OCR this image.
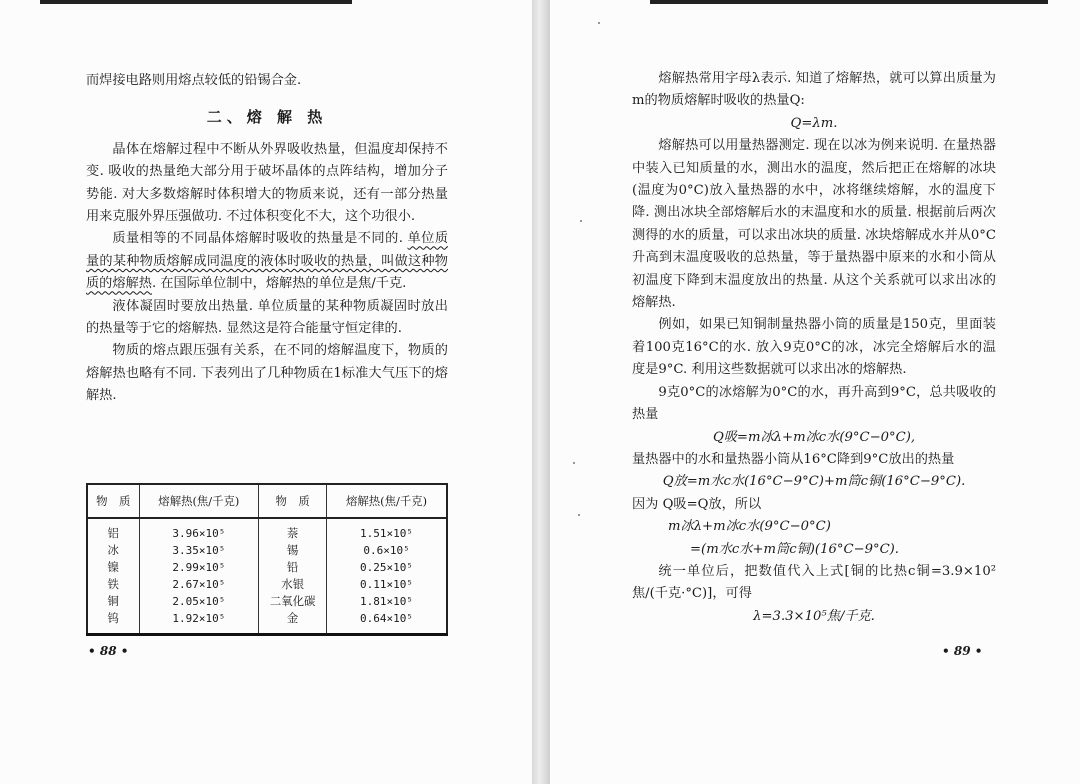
而焊接电路则用熔点较低的铅锡合金.

二、熔 解 热

晶体在熔解过程中不断从外界吸收热量，但温度却保持不变. 吸收的热量绝大部分用于破坏晶体的点阵结构，增加分子势能. 对大多数熔解时体积增大的物质来说，还有一部分热量用来克服外界压强做功. 不过体积变化不大，这个功很小.

质量相等的不同晶体熔解时吸收的热量是不同的. 单位质量的某种物质熔解成同温度的液体时吸收的热量，叫做这种物质的熔解热. 在国际单位制中，熔解热的单位是焦/千克.

液体凝固时要放出热量. 单位质量的某种物质凝固时放出的热量等于它的熔解热. 显然这是符合能量守恒定律的.

物质的熔点跟压强有关系，在不同的熔解温度下，物质的熔解热也略有不同. 下表列出了几种物质在1标准大气压下的熔解热.

物　质	熔解热(焦/千克)	物　质	熔解热(焦/千克)
铝	3.96×10⁵	萘	1.51×10⁵
冰	3.35×10⁵	锡	0.6×10⁵
镍	2.99×10⁵	铅	0.25×10⁵
铁	2.67×10⁵	水银	0.11×10⁵
铜	2.05×10⁵	二氧化碳	1.81×10⁵
钨	1.92×10⁵	金	0.64×10⁵
• 88 •

熔解热常用字母λ表示. 知道了熔解热，就可以算出质量为m的物质熔解时吸收的热量Q:

Q=λm.

熔解热可以用量热器测定. 现在以冰为例来说明. 在量热器中装入已知质量的水，测出水的温度，然后把正在熔解的冰块(温度为0°C)放入量热器的水中，冰将继续熔解，水的温度下降. 测出冰块全部熔解后水的末温度和水的质量. 根据前后两次测得的水的质量，可以求出冰块的质量. 冰块熔解成水并从0°C升高到末温度吸收的总热量，等于量热器中原来的水和小筒从初温度下降到末温度放出的热量. 从这个关系就可以求出冰的熔解热.

例如，如果已知铜制量热器小筒的质量是150克，里面装着100克16°C的水. 放入9克0°C的冰，冰完全熔解后水的温度是9°C. 利用这些数据就可以求出冰的熔解热.

9克0°C的冰熔解为0°C的水，再升高到9°C，总共吸收的热量

Q吸=m冰λ+m冰c水(9°C−0°C),

量热器中的水和量热器小筒从16°C降到9°C放出的热量

Q放=m水c水(16°C−9°C)+m筒c铜(16°C−9°C).

因为 Q吸=Q放，所以

m冰λ+m冰c水(9°C−0°C)

=(m水c水+m筒c铜)(16°C−9°C).

统一单位后，把数值代入上式[铜的比热c铜=3.9×10² 焦/(千克·°C)]，可得

λ=3.3×10⁵焦/千克.

• 89 •
